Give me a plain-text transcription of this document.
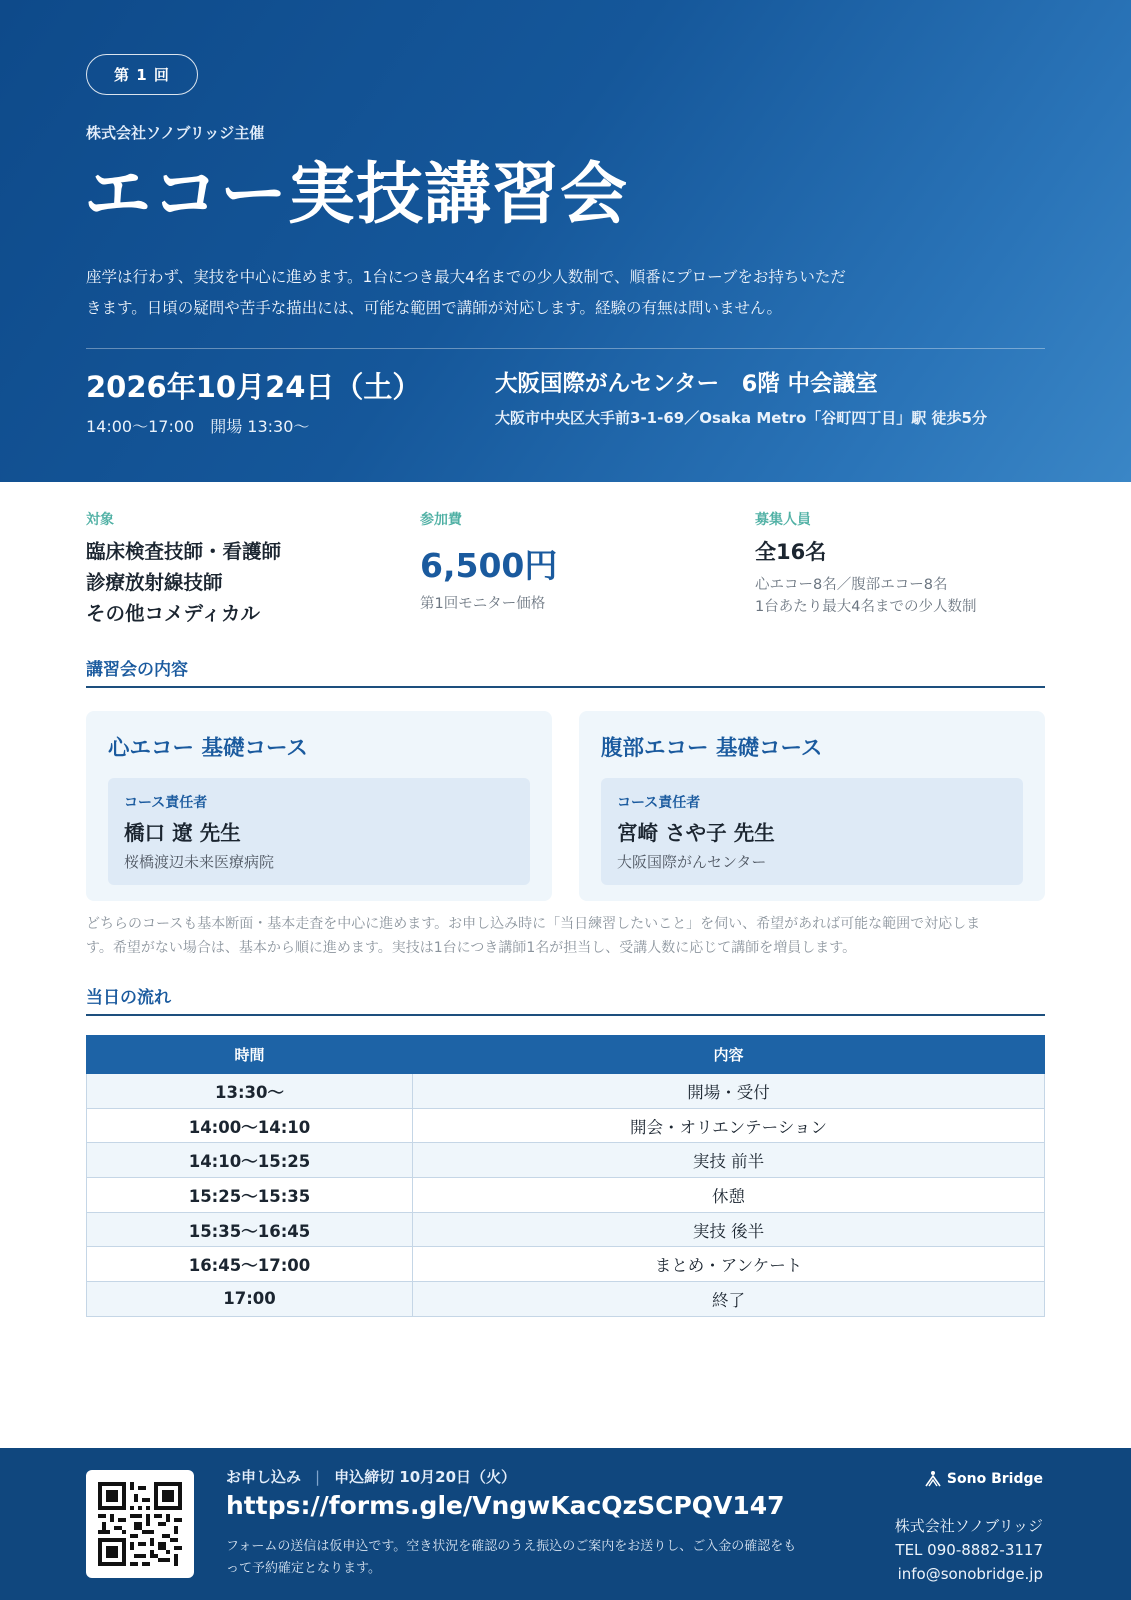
第 1 回
株式会社ソノブリッジ主催
エコー実技講習会
座学は行わず、実技を中心に進めます。1台につき最大4名までの少人数制で、順番にプローブをお持ちいただ
きます。日頃の疑問や苦手な描出には、可能な範囲で講師が対応します。経験の有無は問いません。
2026年10月24日（土）
14:00〜17:00　開場 13:30〜
大阪国際がんセンター　6階 中会議室
大阪市中央区大手前3-1-69／Osaka Metro「谷町四丁目」駅 徒歩5分
対象
臨床検査技師・看護師
診療放射線技師
その他コメディカル
参加費
6,500円
第1回モニター価格
募集人員
全16名
心エコー8名／腹部エコー8名
1台あたり最大4名までの少人数制
講習会の内容
心エコー 基礎コース
コース責任者
橋口 遼 先生
桜橋渡辺未来医療病院
腹部エコー 基礎コース
コース責任者
宮崎 さや子 先生
大阪国際がんセンター
どちらのコースも基本断面・基本走査を中心に進めます。お申し込み時に「当日練習したいこと」を伺い、希望があれば可能な範囲で対応しま
す。希望がない場合は、基本から順に進めます。実技は1台につき講師1名が担当し、受講人数に応じて講師を増員します。
当日の流れ
時間	内容
13:30〜	開場・受付
14:00〜14:10	開会・オリエンテーション
14:10〜15:25	実技 前半
15:25〜15:35	休憩
15:35〜16:45	実技 後半
16:45〜17:00	まとめ・アンケート
17:00	終了
お申し込み | 申込締切 10月20日（火）
https://forms.gle/VngwKacQzSCPQV147
フォームの送信は仮申込です。空き状況を確認のうえ振込のご案内をお送りし、ご入金の確認をも
って予約確定となります。
Sono Bridge
株式会社ソノブリッジ
TEL 090-8882-3117
info@sonobridge.jp
